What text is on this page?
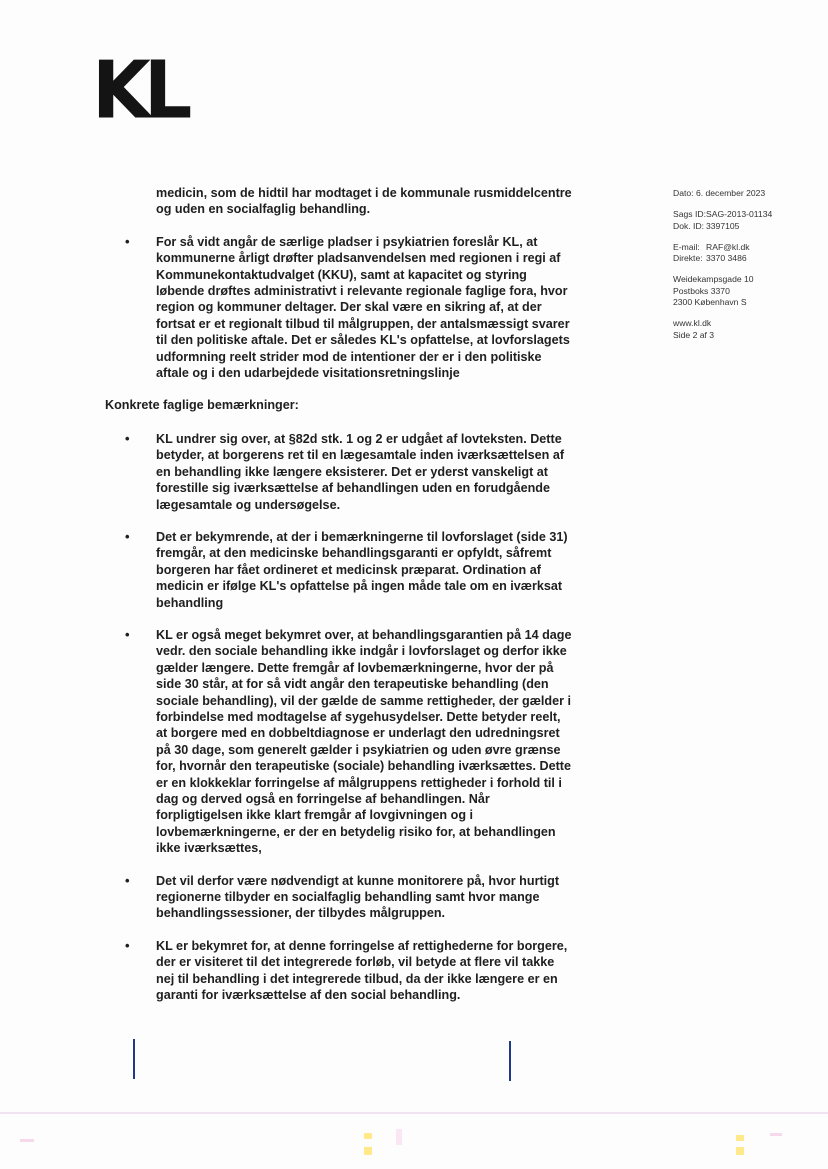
KL
Dato: 6. december 2023
Sags ID:SAG-2013-01134
Dok. ID: 3397105
E-mail: RAF@kl.dk
Direkte: 3370 3486
Weidekampsgade 10
Postboks 3370
2300 København S
www.kl.dk
Side 2 af 3

medicin, som de hidtil har modtaget i de kommunale rusmiddelcentre og uden en socialfaglig behandling.

• For så vidt angår de særlige pladser i psykiatrien foreslår KL, at kommunerne årligt drøfter pladsanvendelsen med regionen i regi af Kommunekontaktudvalget (KKU), samt at kapacitet og styring løbende drøftes administrativt i relevante regionale faglige fora, hvor region og kommuner deltager. Der skal være en sikring af, at der fortsat er et regionalt tilbud til målgruppen, der antalsmæssigt svarer til den politiske aftale. Det er således KL's opfattelse, at lovforslagets udformning reelt strider mod de intentioner der er i den politiske aftale og i den udarbejdede visitationsretningslinje

Konkrete faglige bemærkninger:

• KL undrer sig over, at §82d stk. 1 og 2 er udgået af lovteksten. Dette betyder, at borgerens ret til en lægesamtale inden iværksættelsen af en behandling ikke længere eksisterer. Det er yderst vanskeligt at forestille sig iværksættelse af behandlingen uden en forudgående lægesamtale og undersøgelse.

• Det er bekymrende, at der i bemærkningerne til lovforslaget (side 31) fremgår, at den medicinske behandlingsgaranti er opfyldt, såfremt borgeren har fået ordineret et medicinsk præparat. Ordination af medicin er ifølge KL's opfattelse på ingen måde tale om en iværksat behandling

• KL er også meget bekymret over, at behandlingsgarantien på 14 dage vedr. den sociale behandling ikke indgår i lovforslaget og derfor ikke gælder længere. Dette fremgår af lovbemærkningerne, hvor der på side 30 står, at for så vidt angår den terapeutiske behandling (den sociale behandling), vil der gælde de samme rettigheder, der gælder i forbindelse med modtagelse af sygehusydelser. Dette betyder reelt, at borgere med en dobbeltdiagnose er underlagt den udredningsret på 30 dage, som generelt gælder i psykiatrien og uden øvre grænse for, hvornår den terapeutiske (sociale) behandling iværksættes. Dette er en klokkeklar forringelse af målgruppens rettigheder i forhold til i dag og derved også en forringelse af behandlingen. Når forpligtigelsen ikke klart fremgår af lovgivningen og i lovbemærkningerne, er der en betydelig risiko for, at behandlingen ikke iværksættes,

• Det vil derfor være nødvendigt at kunne monitorere på, hvor hurtigt regionerne tilbyder en socialfaglig behandling samt hvor mange behandlingssessioner, der tilbydes målgruppen.

• KL er bekymret for, at denne forringelse af rettighederne for borgere, der er visiteret til det integrerede forløb, vil betyde at flere vil takke nej til behandling i det integrerede tilbud, da der ikke længere er en garanti for iværksættelse af den social behandling.
